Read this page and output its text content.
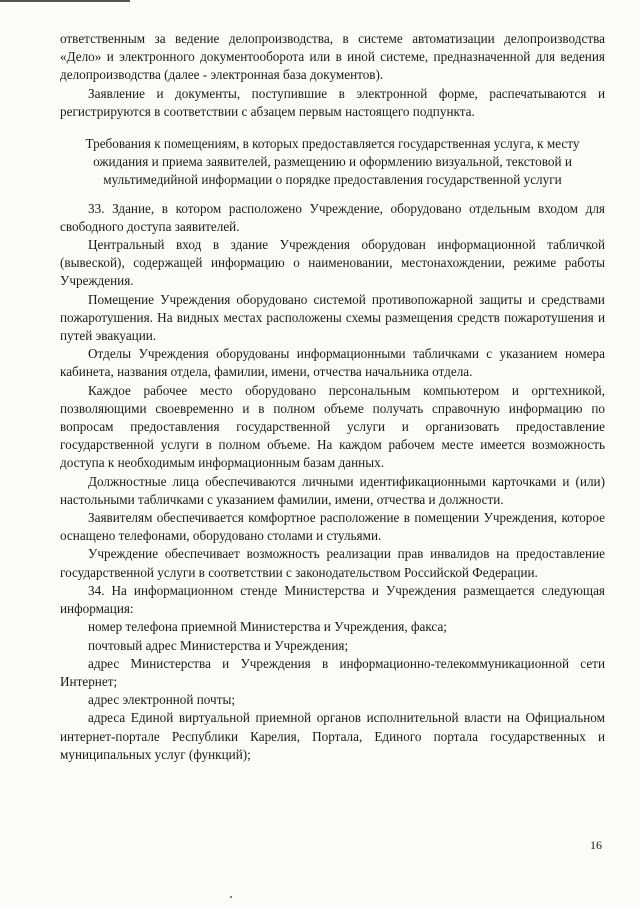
ответственным за ведение делопроизводства, в системе автоматизации делопроизводства «Дело» и электронного документооборота или в иной системе, предназначенной для ведения делопроизводства (далее - электронная база документов).

Заявление и документы, поступившие в электронной форме, распечатываются и регистрируются в соответствии с абзацем первым настоящего подпункта.

Требования к помещениям, в которых предоставляется государственная услуга, к месту ожидания и приема заявителей, размещению и оформлению визуальной, текстовой и мультимедийной информации о порядке предоставления государственной услуги

33. Здание, в котором расположено Учреждение, оборудовано отдельным входом для свободного доступа заявителей.

Центральный вход в здание Учреждения оборудован информационной табличкой (вывеской), содержащей информацию о наименовании, местонахождении, режиме работы Учреждения.

Помещение Учреждения оборудовано системой противопожарной защиты и средствами пожаротушения. На видных местах расположены схемы размещения средств пожаротушения и путей эвакуации.

Отделы Учреждения оборудованы информационными табличками с указанием номера кабинета, названия отдела, фамилии, имени, отчества начальника отдела.

Каждое рабочее место оборудовано персональным компьютером и оргтехникой, позволяющими своевременно и в полном объеме получать справочную информацию по вопросам предоставления государственной услуги и организовать предоставление государственной услуги в полном объеме. На каждом рабочем месте имеется возможность доступа к необходимым информационным базам данных.

Должностные лица обеспечиваются личными идентификационными карточками и (или) настольными табличками с указанием фамилии, имени, отчества и должности.

Заявителям обеспечивается комфортное расположение в помещении Учреждения, которое оснащено телефонами, оборудовано столами и стульями.

Учреждение обеспечивает возможность реализации прав инвалидов на предоставление государственной услуги в соответствии с законодательством Российской Федерации.

34. На информационном стенде Министерства и Учреждения размещается следующая информация:

номер телефона приемной Министерства и Учреждения, факса;

почтовый адрес Министерства и Учреждения;

адрес Министерства и Учреждения в информационно-телекоммуникационной сети Интернет;

адрес электронной почты;

адреса Единой виртуальной приемной органов исполнительной власти на Официальном интернет-портале Республики Карелия, Портала, Единого портала государственных и муниципальных услуг (функций);

16
